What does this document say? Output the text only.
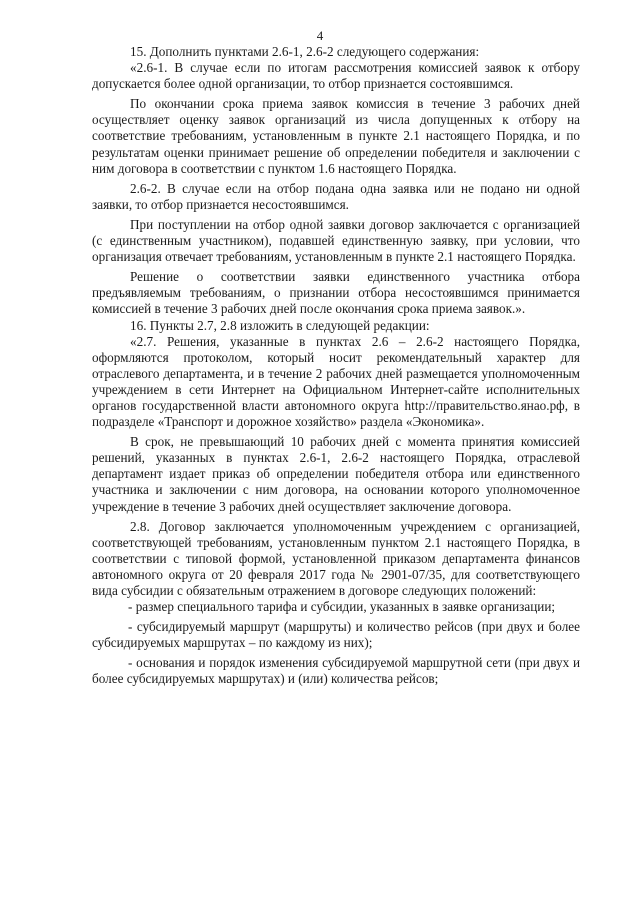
4

15. Дополнить пунктами 2.6-1, 2.6-2 следующего содержания:

«2.6-1. В случае если по итогам рассмотрения комиссией заявок к отбору допускается более одной организации, то отбор признается состоявшимся.

По окончании срока приема заявок комиссия в течение 3 рабочих дней осуществляет оценку заявок организаций из числа допущенных к отбору на соответствие требованиям, установленным в пункте 2.1 настоящего Порядка, и по результатам оценки принимает решение об определении победителя и заключении с ним договора в соответствии с пунктом 1.6 настоящего Порядка.

2.6-2. В случае если на отбор подана одна заявка или не подано ни одной заявки, то отбор признается несостоявшимся.

При поступлении на отбор одной заявки договор заключается с организацией (с единственным участником), подавшей единственную заявку, при условии, что организация отвечает требованиям, установленным в пункте 2.1 настоящего Порядка.

Решение о соответствии заявки единственного участника отбора предъявляемым требованиям, о признании отбора несостоявшимся принимается комиссией в течение 3 рабочих дней после окончания срока приема заявок.».

16. Пункты 2.7, 2.8 изложить в следующей редакции:

«2.7. Решения, указанные в пунктах 2.6 – 2.6-2 настоящего Порядка, оформляются протоколом, который носит рекомендательный характер для отраслевого департамента, и в течение 2 рабочих дней размещается уполномоченным учреждением в сети Интернет на Официальном Интернет-сайте исполнительных органов государственной власти автономного округа http://правительство.янао.рф, в подразделе «Транспорт и дорожное хозяйство» раздела «Экономика».

В срок, не превышающий 10 рабочих дней с момента принятия комиссией решений, указанных в пунктах 2.6-1, 2.6-2 настоящего Порядка, отраслевой департамент издает приказ об определении победителя отбора или единственного участника и заключении с ним договора, на основании которого уполномоченное учреждение в течение 3 рабочих дней осуществляет заключение договора.

2.8. Договор заключается уполномоченным учреждением с организацией, соответствующей требованиям, установленным пунктом 2.1 настоящего Порядка, в соответствии с типовой формой, установленной приказом департамента финансов автономного округа от 20 февраля 2017 года № 2901-07/35, для соответствующего вида субсидии с обязательным отражением в договоре следующих положений:

- размер специального тарифа и субсидии, указанных в заявке организации;

- субсидируемый маршрут (маршруты) и количество рейсов (при двух и более субсидируемых маршрутах – по каждому из них);

- основания и порядок изменения субсидируемой маршрутной сети (при двух и более субсидируемых маршрутах) и (или) количества рейсов;
